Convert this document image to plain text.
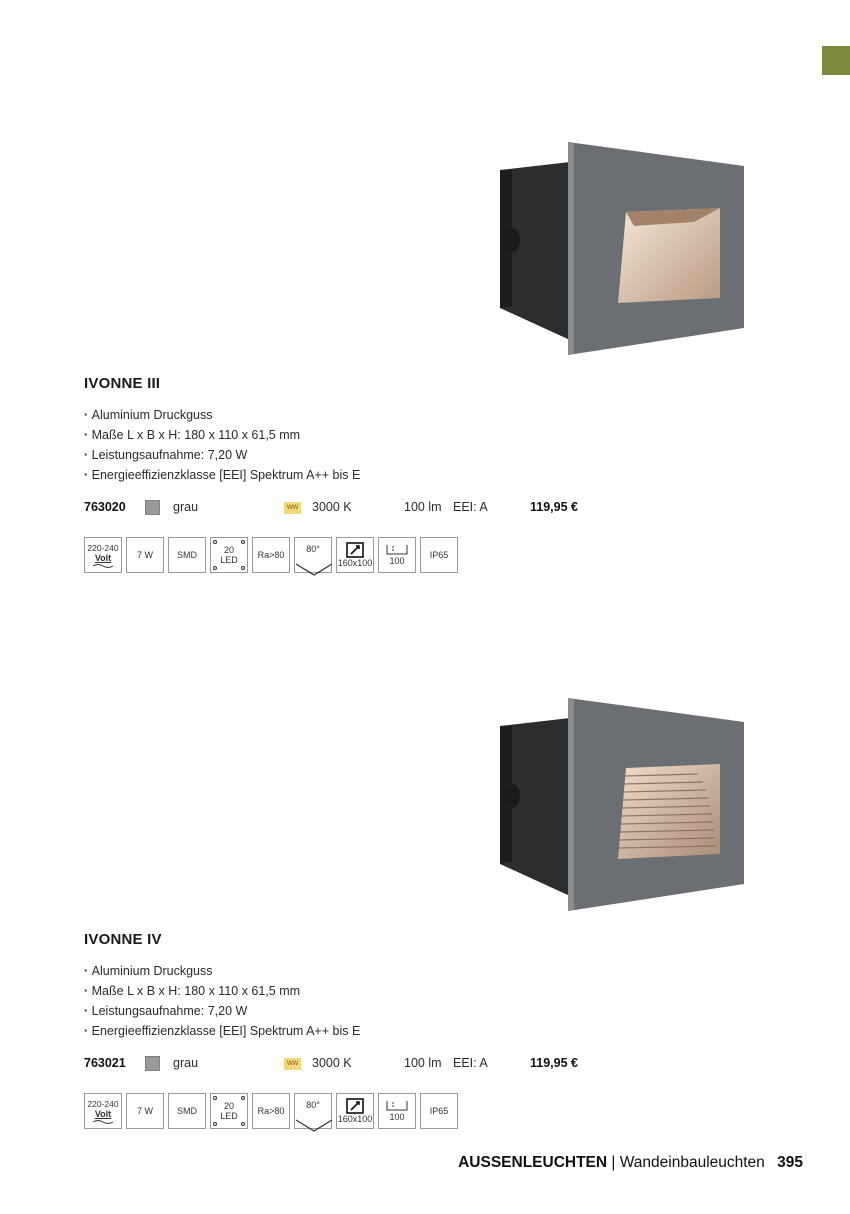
IVONNE III
· Aluminium Druckguss
· Maße L x B x H: 180 x 110 x 61,5 mm
· Leistungsaufnahme: 7,20 W
· Energieeffizienzklasse [EEI] Spektrum A++ bis E
763020	grau	WW 3000 K	100 lm EEI: A	119,95 €
220-240
Volt	7 W	SMD	20
LED Ra>80
80°
160x100 100
IP65
IVONNE IV
· Aluminium Druckguss
· Maße L x B x H: 180 x 110 x 61,5 mm
· Leistungsaufnahme: 7,20 W
· Energieeffizienzklasse [EEI] Spektrum A++ bis E
763021	grau	WW 3000 K	100 lm EEI: A	119,95 €
220-240
Volt	7 W	SMD	20
LED Ra>80
80°
160x100 100
IP65
AUSSENLEUCHTEN | Wandeinbauleuchten 395
